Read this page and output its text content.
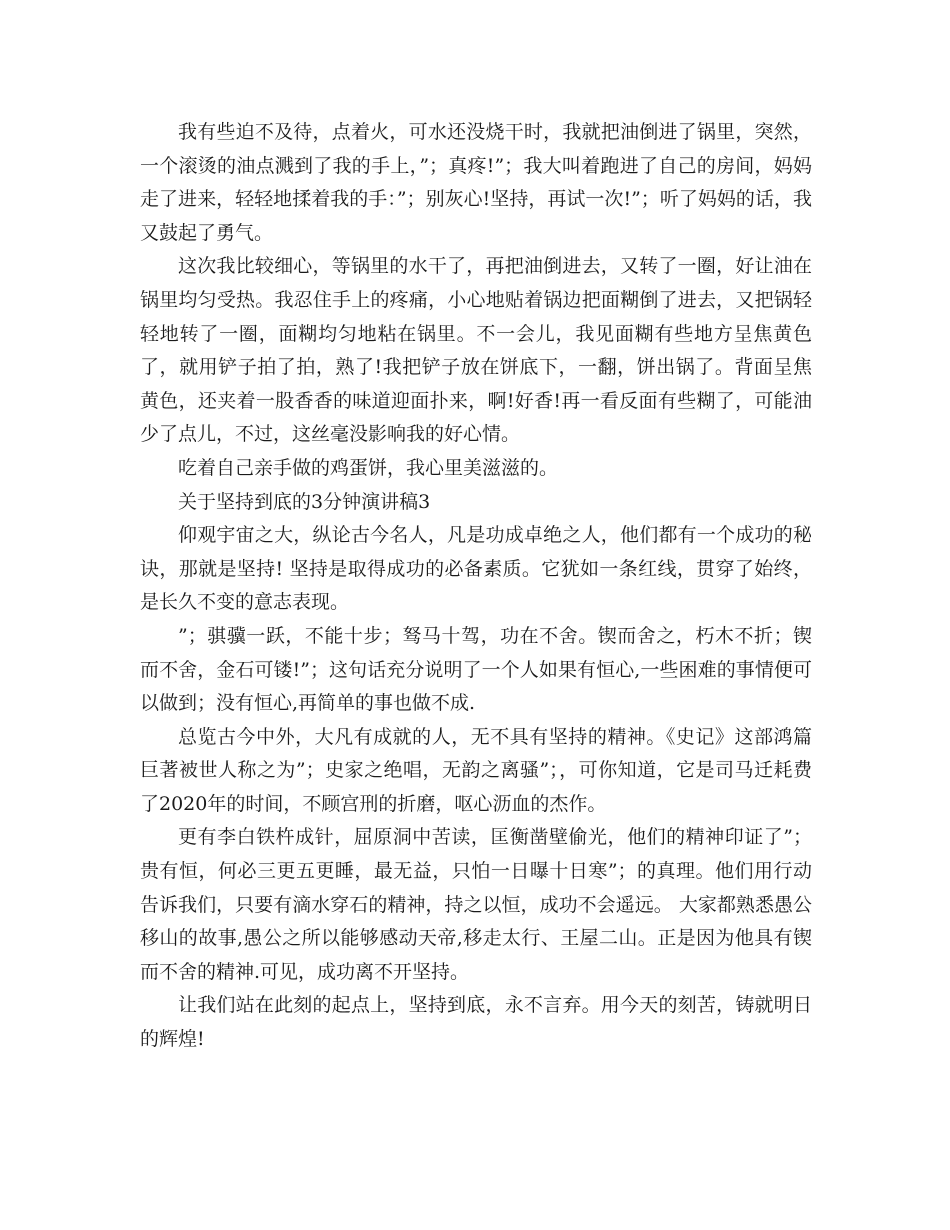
我有些迫不及待，点着火，可水还没烧干时，我就把油倒进了锅里，突然，一个滚烫的油点溅到了我的手上，”；真疼!”；我大叫着跑进了自己的房间，妈妈走了进来，轻轻地揉着我的手：”；别灰心!坚持，再试一次!”；听了妈妈的话，我又鼓起了勇气。

这次我比较细心，等锅里的水干了，再把油倒进去，又转了一圈，好让油在锅里均匀受热。我忍住手上的疼痛，小心地贴着锅边把面糊倒了进去，又把锅轻轻地转了一圈，面糊均匀地粘在锅里。不一会儿，我见面糊有些地方呈焦黄色了，就用铲子拍了拍，熟了!我把铲子放在饼底下，一翻，饼出锅了。背面呈焦黄色，还夹着一股香香的味道迎面扑来，啊!好香!再一看反面有些糊了，可能油少了点儿，不过，这丝毫没影响我的好心情。

吃着自己亲手做的鸡蛋饼，我心里美滋滋的。

关于坚持到底的3分钟演讲稿3

仰观宇宙之大，纵论古今名人，凡是功成卓绝之人，他们都有一个成功的秘诀，那就是坚持! 坚持是取得成功的必备素质。它犹如一条红线，贯穿了始终，是长久不变的意志表现。

”；骐骥一跃，不能十步；驽马十驾，功在不舍。锲而舍之，朽木不折；锲而不舍，金石可镂!”；这句话充分说明了一个人如果有恒心,一些困难的事情便可以做到；没有恒心,再简单的事也做不成.

总览古今中外，大凡有成就的人，无不具有坚持的精神。《史记》这部鸿篇巨著被世人称之为”；史家之绝唱，无韵之离骚”；，可你知道，它是司马迁耗费了2020年的时间，不顾宫刑的折磨，呕心沥血的杰作。

更有李白铁杵成针，屈原洞中苦读，匡衡凿壁偷光，他们的精神印证了”；贵有恒，何必三更五更睡，最无益，只怕一日曝十日寒”；的真理。他们用行动告诉我们，只要有滴水穿石的精神，持之以恒，成功不会遥远。 大家都熟悉愚公移山的故事,愚公之所以能够感动天帝,移走太行、王屋二山。正是因为他具有锲而不舍的精神.可见，成功离不开坚持。

让我们站在此刻的起点上，坚持到底，永不言弃。用今天的刻苦，铸就明日的辉煌!
